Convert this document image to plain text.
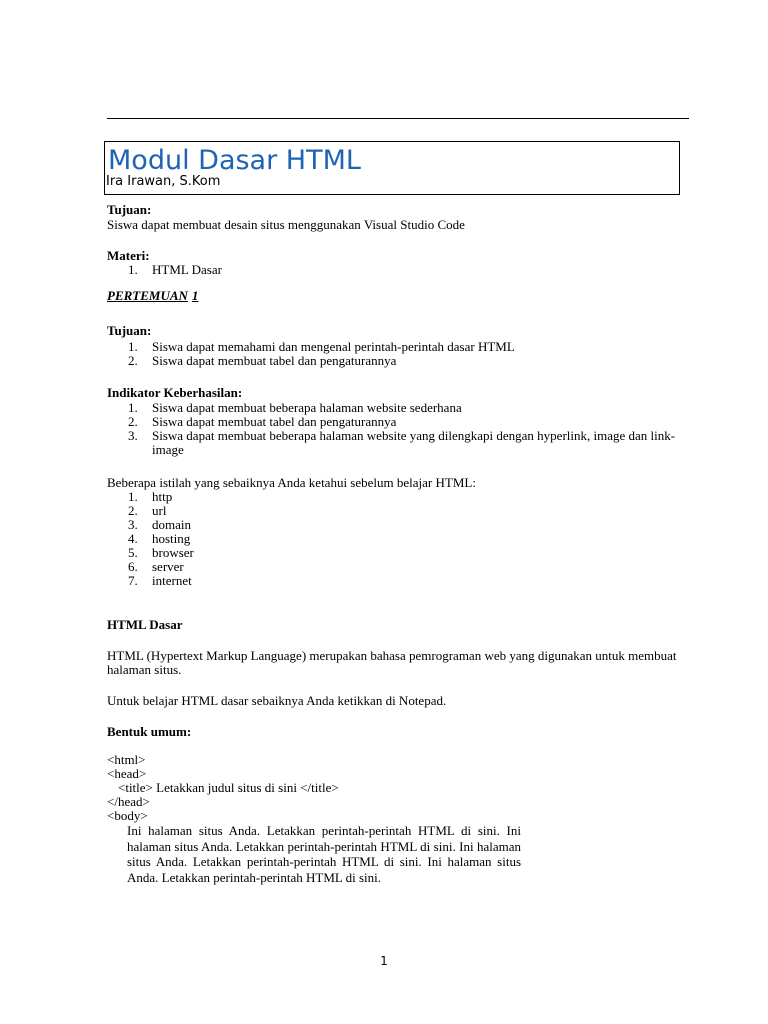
Modul Dasar HTML
Ira Irawan, S.Kom
Tujuan:
Siswa dapat membuat desain situs menggunakan Visual Studio Code
Materi:
1. HTML Dasar
PERTEMUAN 1
Tujuan:
1. Siswa dapat memahami dan mengenal perintah-perintah dasar HTML
2. Siswa dapat membuat tabel dan pengaturannya
Indikator Keberhasilan:
1. Siswa dapat membuat beberapa halaman website sederhana
2. Siswa dapat membuat tabel dan pengaturannya
3. Siswa dapat membuat beberapa halaman website yang dilengkapi dengan hyperlink, image dan link-image
Beberapa istilah yang sebaiknya Anda ketahui sebelum belajar HTML:
1. http
2. url
3. domain
4. hosting
5. browser
6. server
7. internet
HTML Dasar
HTML (Hypertext Markup Language) merupakan bahasa pemrograman web yang digunakan untuk membuat halaman situs.
Untuk belajar HTML dasar sebaiknya Anda ketikkan di Notepad.
Bentuk umum:
<html>
<head>
<title> Letakkan judul situs di sini </title>
</head>
<body>
Ini halaman situs Anda. Letakkan perintah-perintah HTML di sini. Ini halaman situs Anda. Letakkan perintah-perintah HTML di sini. Ini halaman situs Anda. Letakkan perintah-perintah HTML di sini. Ini halaman situs Anda. Letakkan perintah-perintah HTML di sini.
1
